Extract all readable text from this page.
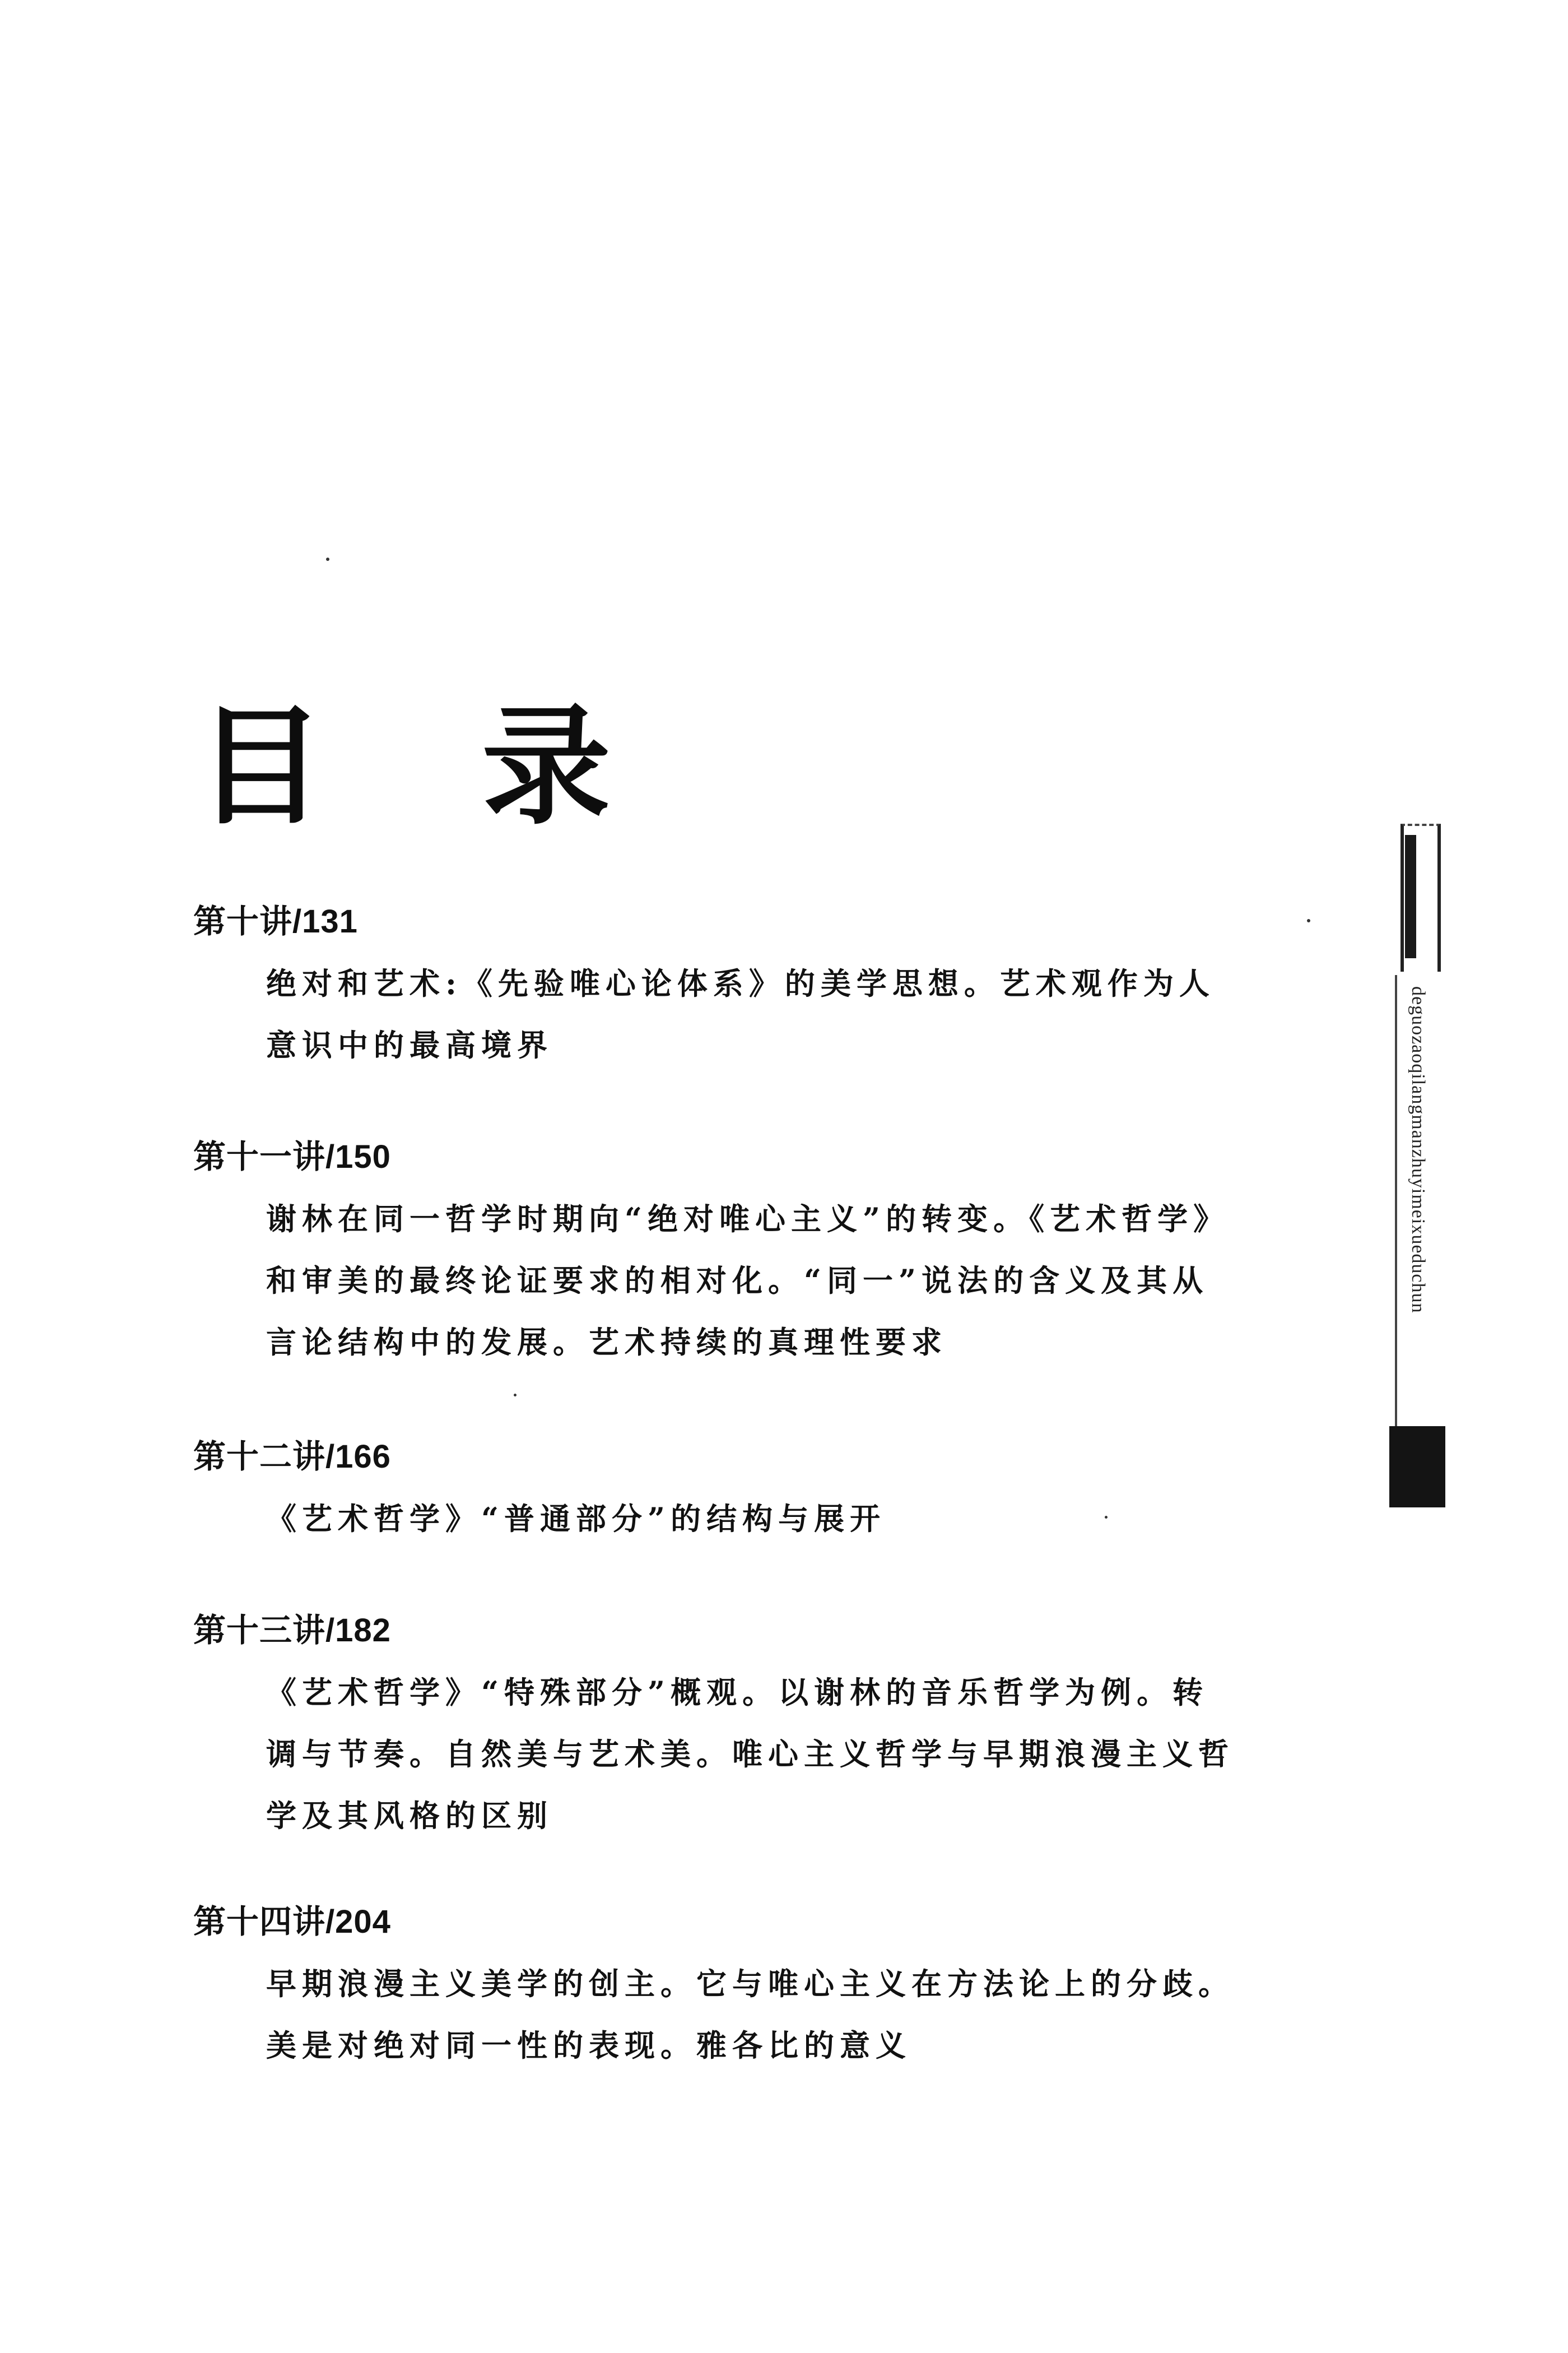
目 录
第十讲/131
绝对和艺术:《先验唯心论体系》的美学思想。艺术观作为人意识中的最高境界
第十一讲/150
谢林在同一哲学时期向“绝对唯心主义”的转变。《艺术哲学》和审美的最终论证要求的相对化。“同一”说法的含义及其从言论结构中的发展。艺术持续的真理性要求
第十二讲/166
《艺术哲学》“普通部分”的结构与展开
第十三讲/182
《艺术哲学》“特殊部分”概观。以谢林的音乐哲学为例。转调与节奏。自然美与艺术美。唯心主义哲学与早期浪漫主义哲学及其风格的区别
第十四讲/204
早期浪漫主义美学的创主。它与唯心主义在方法论上的分歧。美是对绝对同一性的表现。雅各比的意义
deguozaoqilangmanzhuyimeixueduchun
